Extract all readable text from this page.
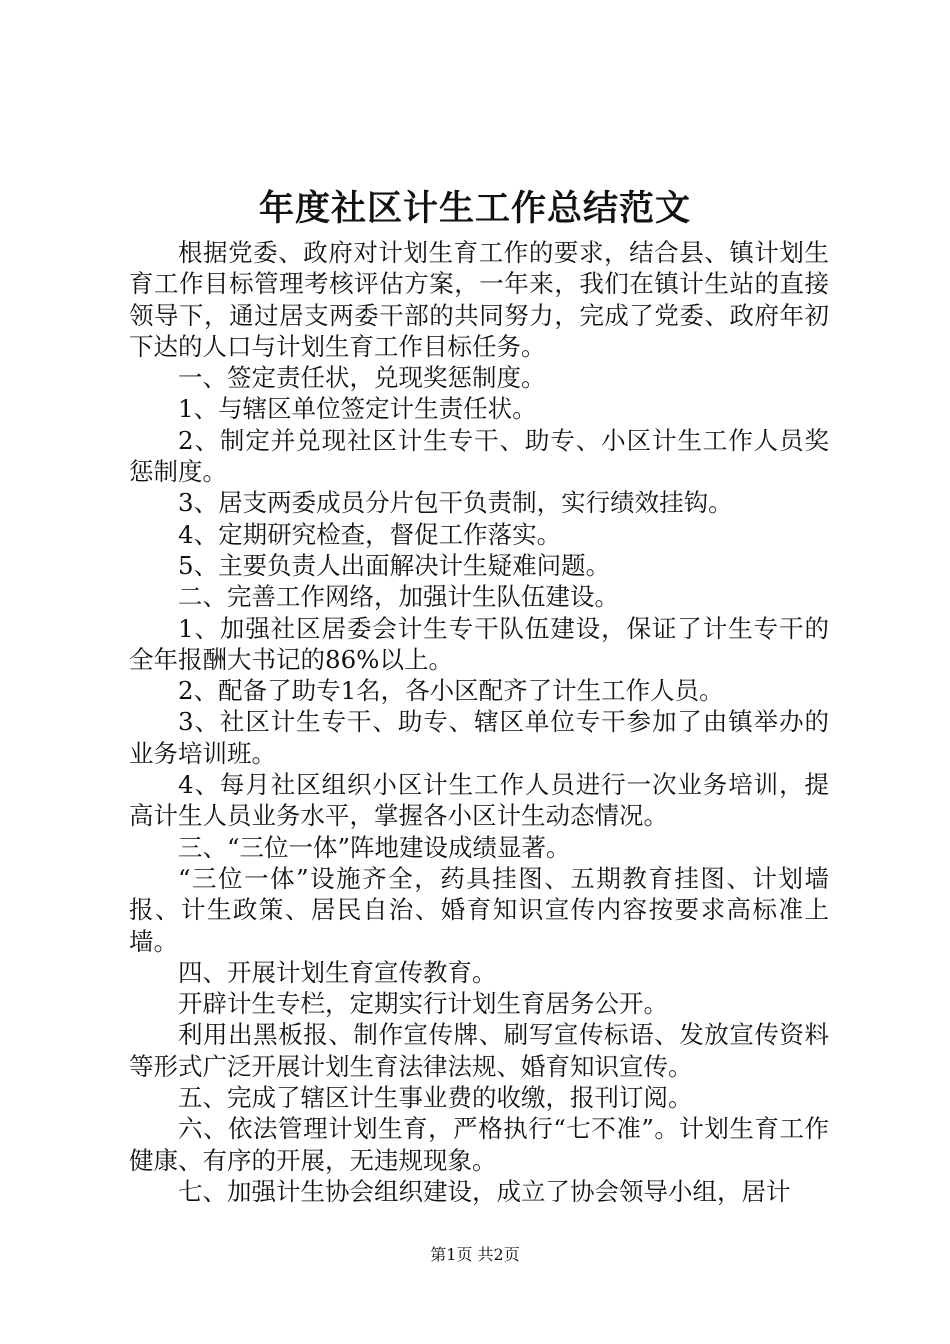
年度社区计生工作总结范文

根据党委、政府对计划生育工作的要求，结合县、镇计划生育工作目标管理考核评估方案，一年来，我们在镇计生站的直接领导下，通过居支两委干部的共同努力，完成了党委、政府年初下达的人口与计划生育工作目标任务。

一、签定责任状，兑现奖惩制度。

1、与辖区单位签定计生责任状。

2、制定并兑现社区计生专干、助专、小区计生工作人员奖惩制度。

3、居支两委成员分片包干负责制，实行绩效挂钩。

4、定期研究检查，督促工作落实。

5、主要负责人出面解决计生疑难问题。

二、完善工作网络，加强计生队伍建设。

1、加强社区居委会计生专干队伍建设，保证了计生专干的全年报酬大书记的86%以上。

2、配备了助专1名，各小区配齐了计生工作人员。

3、社区计生专干、助专、辖区单位专干参加了由镇举办的业务培训班。

4、每月社区组织小区计生工作人员进行一次业务培训，提高计生人员业务水平，掌握各小区计生动态情况。

三、“三位一体”阵地建设成绩显著。

“三位一体”设施齐全，药具挂图、五期教育挂图、计划墙报、计生政策、居民自治、婚育知识宣传内容按要求高标准上墙。

四、开展计划生育宣传教育。

开辟计生专栏，定期实行计划生育居务公开。

利用出黑板报、制作宣传牌、刷写宣传标语、发放宣传资料等形式广泛开展计划生育法律法规、婚育知识宣传。

五、完成了辖区计生事业费的收缴，报刊订阅。

六、依法管理计划生育，严格执行“七不准”。计划生育工作健康、有序的开展，无违规现象。

七、加强计生协会组织建设，成立了协会领导小组，居计

第1页 共2页
